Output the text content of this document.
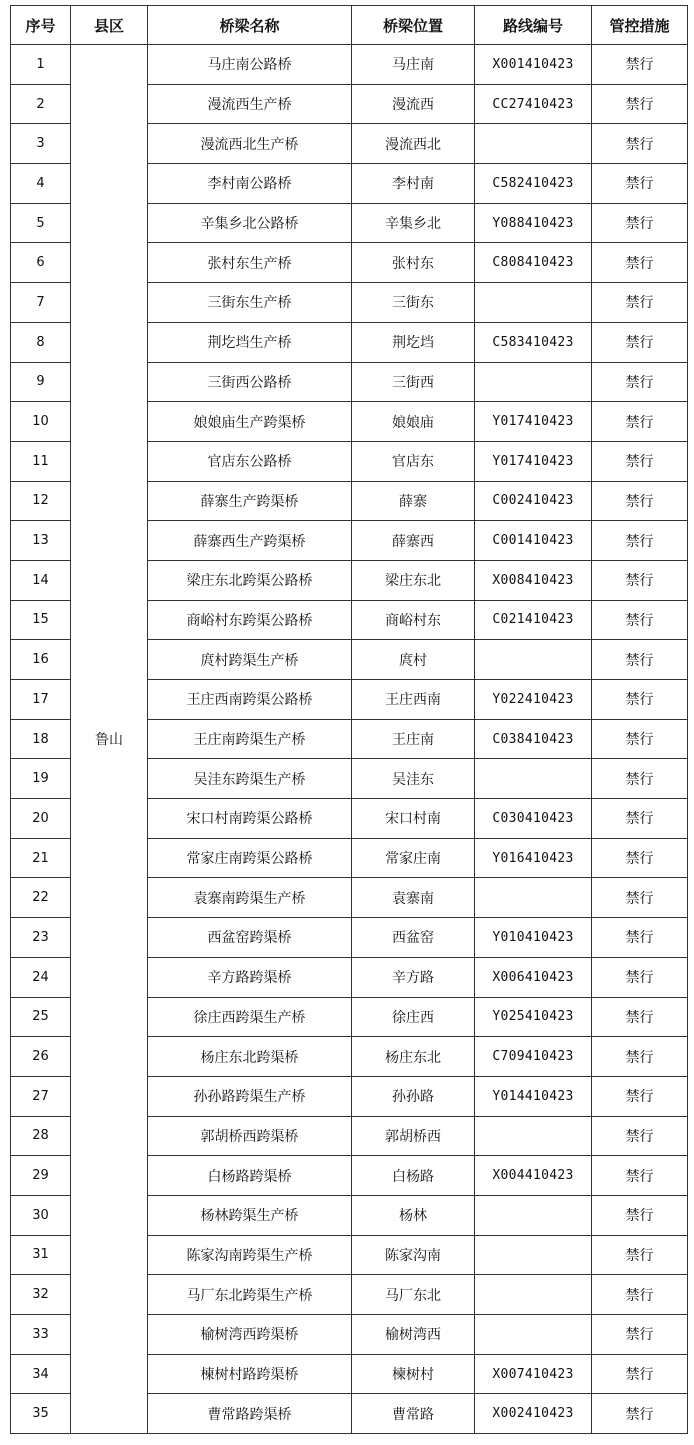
序号	县区	桥梁名称	桥梁位置	路线编号	管控措施
1	鲁山	马庄南公路桥	马庄南	X001410423	禁行
2		漫流西生产桥	漫流西	CC27410423	禁行
3		漫流西北生产桥	漫流西北		禁行
4		李村南公路桥	李村南	C582410423	禁行
5		辛集乡北公路桥	辛集乡北	Y088410423	禁行
6		张村东生产桥	张村东	C808410423	禁行
7		三街东生产桥	三街东		禁行
8		荆圪垱生产桥	荆圪垱	C583410423	禁行
9		三街西公路桥	三街西		禁行
10		娘娘庙生产跨渠桥	娘娘庙	Y017410423	禁行
11		官店东公路桥	官店东	Y017410423	禁行
12		薛寨生产跨渠桥	薛寨	C002410423	禁行
13		薛寨西生产跨渠桥	薛寨西	C001410423	禁行
14		梁庄东北跨渠公路桥	梁庄东北	X008410423	禁行
15		商峪村东跨渠公路桥	商峪村东	C021410423	禁行
16		庹村跨渠生产桥	庹村		禁行
17		王庄西南跨渠公路桥	王庄西南	Y022410423	禁行
18		王庄南跨渠生产桥	王庄南	C038410423	禁行
19		吴洼东跨渠生产桥	吴洼东		禁行
20		宋口村南跨渠公路桥	宋口村南	C030410423	禁行
21		常家庄南跨渠公路桥	常家庄南	Y016410423	禁行
22		袁寨南跨渠生产桥	袁寨南		禁行
23		西盆窑跨渠桥	西盆窑	Y010410423	禁行
24		辛方路跨渠桥	辛方路	X006410423	禁行
25		徐庄西跨渠生产桥	徐庄西	Y025410423	禁行
26		杨庄东北跨渠桥	杨庄东北	C709410423	禁行
27		孙孙路跨渠生产桥	孙孙路	Y014410423	禁行
28		郭胡桥西跨渠桥	郭胡桥西		禁行
29		白杨路跨渠桥	白杨路	X004410423	禁行
30		杨林跨渠生产桥	杨林		禁行
31		陈家沟南跨渠生产桥	陈家沟南		禁行
32		马厂东北跨渠生产桥	马厂东北		禁行
33		榆树湾西跨渠桥	榆树湾西		禁行
34		楝树村路跨渠桥	楝树村	X007410423	禁行
35		曹常路跨渠桥	曹常路	X002410423	禁行
